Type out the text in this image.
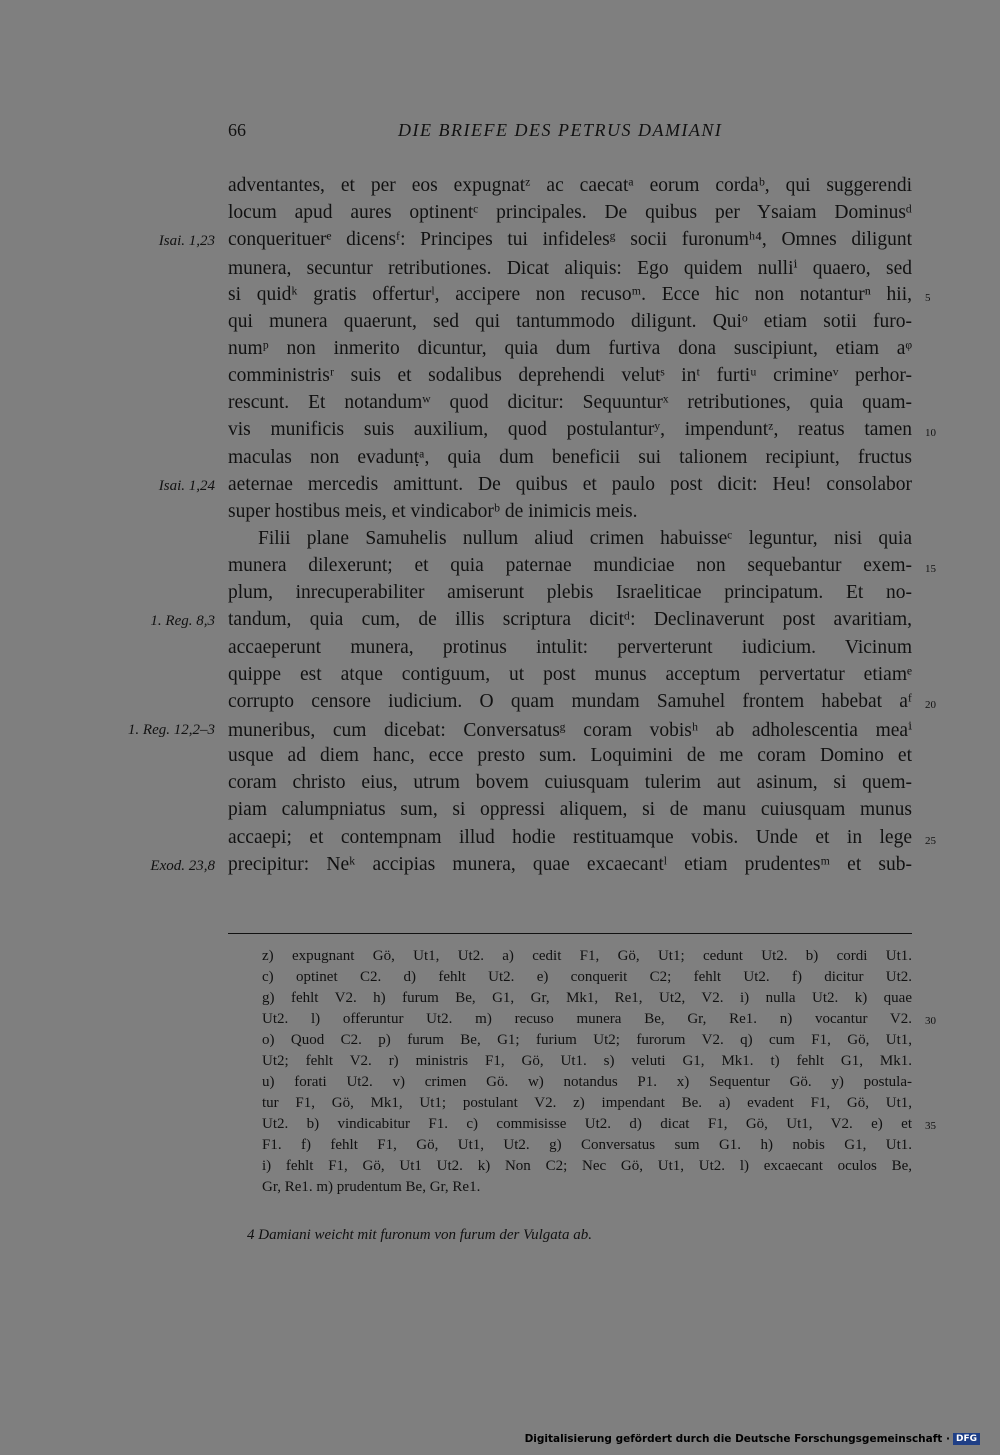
66	DIE BRIEFE DES PETRUS DAMIANI
adventantes, et per eos expugnatᶻ ac caecatᵃ eorum cordaᵇ, qui suggerendi
locum apud aures optinentᶜ principales. De quibus per Ysaiam Dominusᵈ
conquerituerᵉ dicensᶠ: Principes tui infidelesᵍ socii furonumʰ⁴, Omnes diligunt
Isai. 1,23
munera, secuntur retributiones. Dicat aliquis: Ego quidem nulliⁱ quaero, sed
si quidᵏ gratis offerturˡ, accipere non recusoᵐ. Ecce hic non notanturⁿ hii, 5
qui munera quaerunt, sed qui tantummodo diligunt. Quiᵒ etiam sotii furo-
numᵖ non inmerito dicuntur, quia dum furtiva dona suscipiunt, etiam aᵠ
comministrisʳ suis et sodalibus deprehendi velutˢ inᵗ furtiᵘ crimineᵛ perhor-
rescunt. Et notandumʷ quod dicitur: Sequunturˣ retributiones, quia quam-
vis munificis suis auxilium, quod postulanturʸ, impenduntᶻ, reatus tamen 10
maculas non evadunṭᵃ, quia dum beneficii sui talionem recipiunt, fructus
aeternae mercedis amittunt. De quibus et paulo post dicit: Heu! consolabor
Isai. 1,24
super hostibus meis, et vindicaborᵇ de inimicis meis.
Filii plane Samuhelis nullum aliud crimen habuisseᶜ leguntur, nisi quia
munera dilexerunt; et quia paternae mundiciae non sequebantur exem- 15
plum, inrecuperabiliter amiserunt plebis Israeliticae principatum. Et no-
tandum, quia cum, de illis scriptura dicitᵈ: Declinaverunt post avaritiam,
1. Reg. 8,3
accaeperunt munera, protinus intulit: perverterunt iudicium. Vicinum
quippe est atque contiguum, ut post munus acceptum pervertatur etiamᵉ
corrupto censore iudicium. O quam mundam Samuhel frontem habebat aᶠ 20
muneribus, cum dicebat: Conversatusᵍ coram vobisʰ ab adholescentia meaⁱ
1. Reg. 12,2–3
usque ad diem hanc, ecce presto sum. Loquimini de me coram Domino et
coram christo eius, utrum bovem cuiusquam tulerim aut asinum, si quem-
piam calumpniatus sum, si oppressi aliquem, si de manu cuiusquam munus
accaepi; et contempnam illud hodie restituamque vobis. Unde et in lege 25
precipitur: Neᵏ accipias munera, quae excaecantˡ etiam prudentesᵐ et sub-
Exod. 23,8
z) expugnant Gö, Ut1, Ut2. a) cedit F1, Gö, Ut1; cedunt Ut2. b) cordi Ut1.
c) optinet C2. d) fehlt Ut2. e) conquerit C2; fehlt Ut2. f) dicitur Ut2.
g) fehlt V2. h) furum Be, G1, Gr, Mk1, Re1, Ut2, V2. i) nulla Ut2. k) quae
Ut2. l) offeruntur Ut2. m) recuso munera Be, Gr, Re1. n) vocantur V2. 30
o) Quod C2. p) furum Be, G1; furium Ut2; furorum V2. q) cum F1, Gö, Ut1,
Ut2; fehlt V2. r) ministris F1, Gö, Ut1. s) veluti G1, Mk1. t) fehlt G1, Mk1.
u) forati Ut2. v) crimen Gö. w) notandus P1. x) Sequentur Gö. y) postula-
tur F1, Gö, Mk1, Ut1; postulant V2. z) impendant Be. a) evadent F1, Gö, Ut1,
Ut2. b) vindicabitur F1. c) commisisse Ut2. d) dicat F1, Gö, Ut1, V2. e) et 35
F1. f) fehlt F1, Gö, Ut1, Ut2. g) Conversatus sum G1. h) nobis G1, Ut1.
i) fehlt F1, Gö, Ut1 Ut2. k) Non C2; Nec Gö, Ut1, Ut2. l) excaecant oculos Be,
Gr, Re1. m) prudentum Be, Gr, Re1.
4 Damiani weicht mit furonum von furum der Vulgata ab.
Digitalisierung gefördert durch die Deutsche Forschungsgemeinschaft · DFG
